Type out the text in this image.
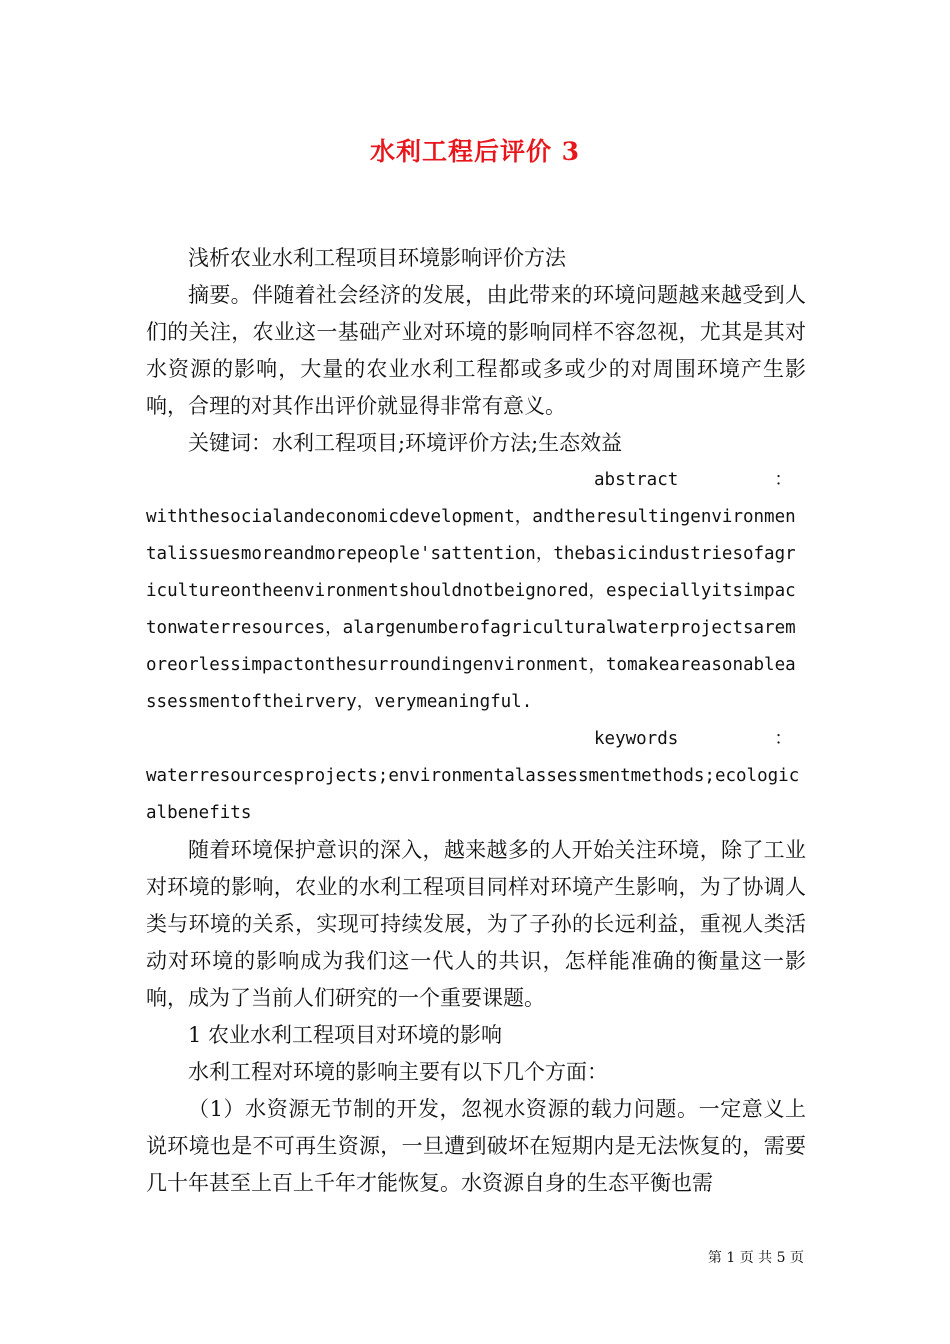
水利工程后评价 3

浅析农业水利工程项目环境影响评价方法

摘要。伴随着社会经济的发展，由此带来的环境问题越来越受到人们的关注，农业这一基础产业对环境的影响同样不容忽视，尤其是其对水资源的影响，大量的农业水利工程都或多或少的对周围环境产生影响，合理的对其作出评价就显得非常有意义。

关键词：水利工程项目;环境评价方法;生态效益

abstract	：

withthesocialandeconomicdevelopment，andtheresultingenvironmentalissuesmoreandmorepeople'sattention，thebasicindustriesofagricultureontheenvironmentshouldnotbeignored，especiallyitsimpactonwaterresources，alargenumberofagriculturalwaterprojectsaremoreorlessimpactonthesurroundingenvironment，tomakeareasonableassessmentoftheirvery，verymeaningful.

keywords	：

waterresourcesprojects;environmentalassessmentmethods;ecologicalbenefits

随着环境保护意识的深入，越来越多的人开始关注环境，除了工业对环境的影响，农业的水利工程项目同样对环境产生影响，为了协调人类与环境的关系，实现可持续发展，为了子孙的长远利益，重视人类活动对环境的影响成为我们这一代人的共识，怎样能准确的衡量这一影响，成为了当前人们研究的一个重要课题。

1 农业水利工程项目对环境的影响

水利工程对环境的影响主要有以下几个方面：

（1）水资源无节制的开发，忽视水资源的载力问题。一定意义上说环境也是不可再生资源，一旦遭到破坏在短期内是无法恢复的，需要几十年甚至上百上千年才能恢复。水资源自身的生态平衡也需

第 1 页 共 5 页
